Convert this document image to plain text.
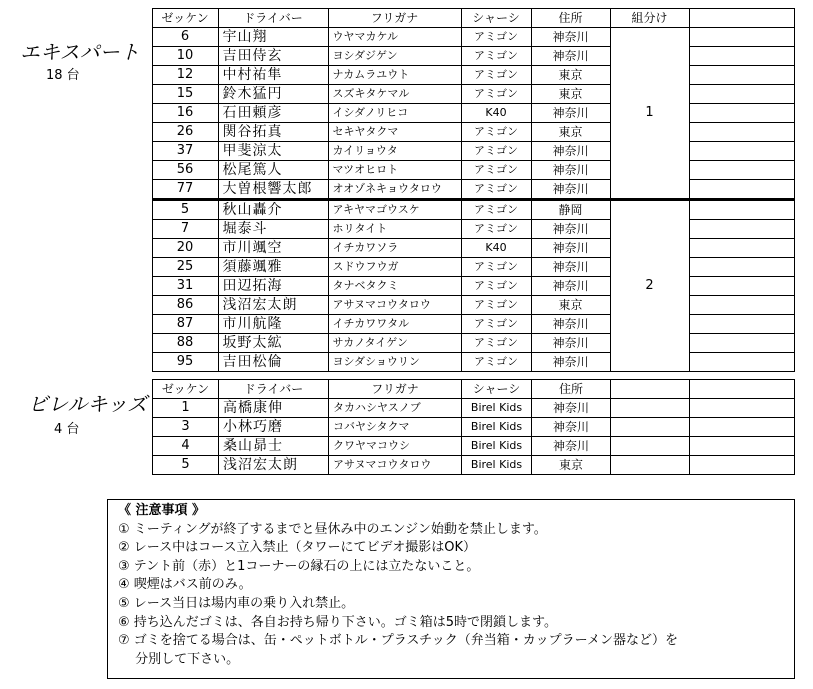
エキスパート
18 台
	ゼッケン	ドライバー	フリガナ	シャーシ	住所	組分け	
	6	宇山翔	ウヤマカケル	アミゴン	神奈川	1	
	10	吉田侍玄	ヨシダジゲン	アミゴン	神奈川		
	12	中村祐隼	ナカムラユウト	アミゴン	東京		
	15	鈴木猛円	スズキタケマル	アミゴン	東京		
	16	石田頼彦	イシダノリヒコ	K40	神奈川		
	26	関谷拓真	セキヤタクマ	アミゴン	東京		
	37	甲斐涼太	カイリョウタ	アミゴン	神奈川		
	56	松尾篤人	マツオヒロト	アミゴン	神奈川		
	77	大曽根響太郎	オオゾネキョウタロウ	アミゴン	神奈川		
	5	秋山轟介	アキヤマゴウスケ	アミゴン	静岡	2	
	7	堀泰斗	ホリタイト	アミゴン	神奈川		
	20	市川颯空	イチカワソラ	K40	神奈川		
	25	須藤颯雅	スドウフウガ	アミゴン	神奈川		
	31	田辺拓海	タナベタクミ	アミゴン	神奈川		
	86	浅沼宏太朗	アサヌマコウタロウ	アミゴン	東京		
	87	市川航隆	イチカワワタル	アミゴン	神奈川		
	88	坂野太絋	サカノタイゲン	アミゴン	神奈川		
	95	吉田松倫	ヨシダショウリン	アミゴン	神奈川		
ビレルキッズ
4 台
ゼッケン	ドライバー	フリガナ	シャーシ	住所		
1	高橋康伸	タカハシヤスノブ	Birel Kids	神奈川		
3	小林巧磨	コバヤシタクマ	Birel Kids	神奈川		
4	桑山昴士	クワヤマコウシ	Birel Kids	神奈川		
5	浅沼宏太朗	アサヌマコウタロウ	Birel Kids	東京		
《 注意事項 》
① ミーティングが終了するまでと昼休み中のエンジン始動を禁止します。
② レース中はコース立入禁止（タワーにてビデオ撮影はOK）
③ テント前（赤）と1コーナーの縁石の上には立たないこと。
④ 喫煙はバス前のみ。
⑤ レース当日は場内車の乗り入れ禁止。
⑥ 持ち込んだゴミは、各自お持ち帰り下さい。ゴミ箱は5時で閉鎖します。
⑦ ゴミを捨てる場合は、缶・ペットボトル・プラスチック（弁当箱・カップラーメン器など）を
　 分別して下さい。
